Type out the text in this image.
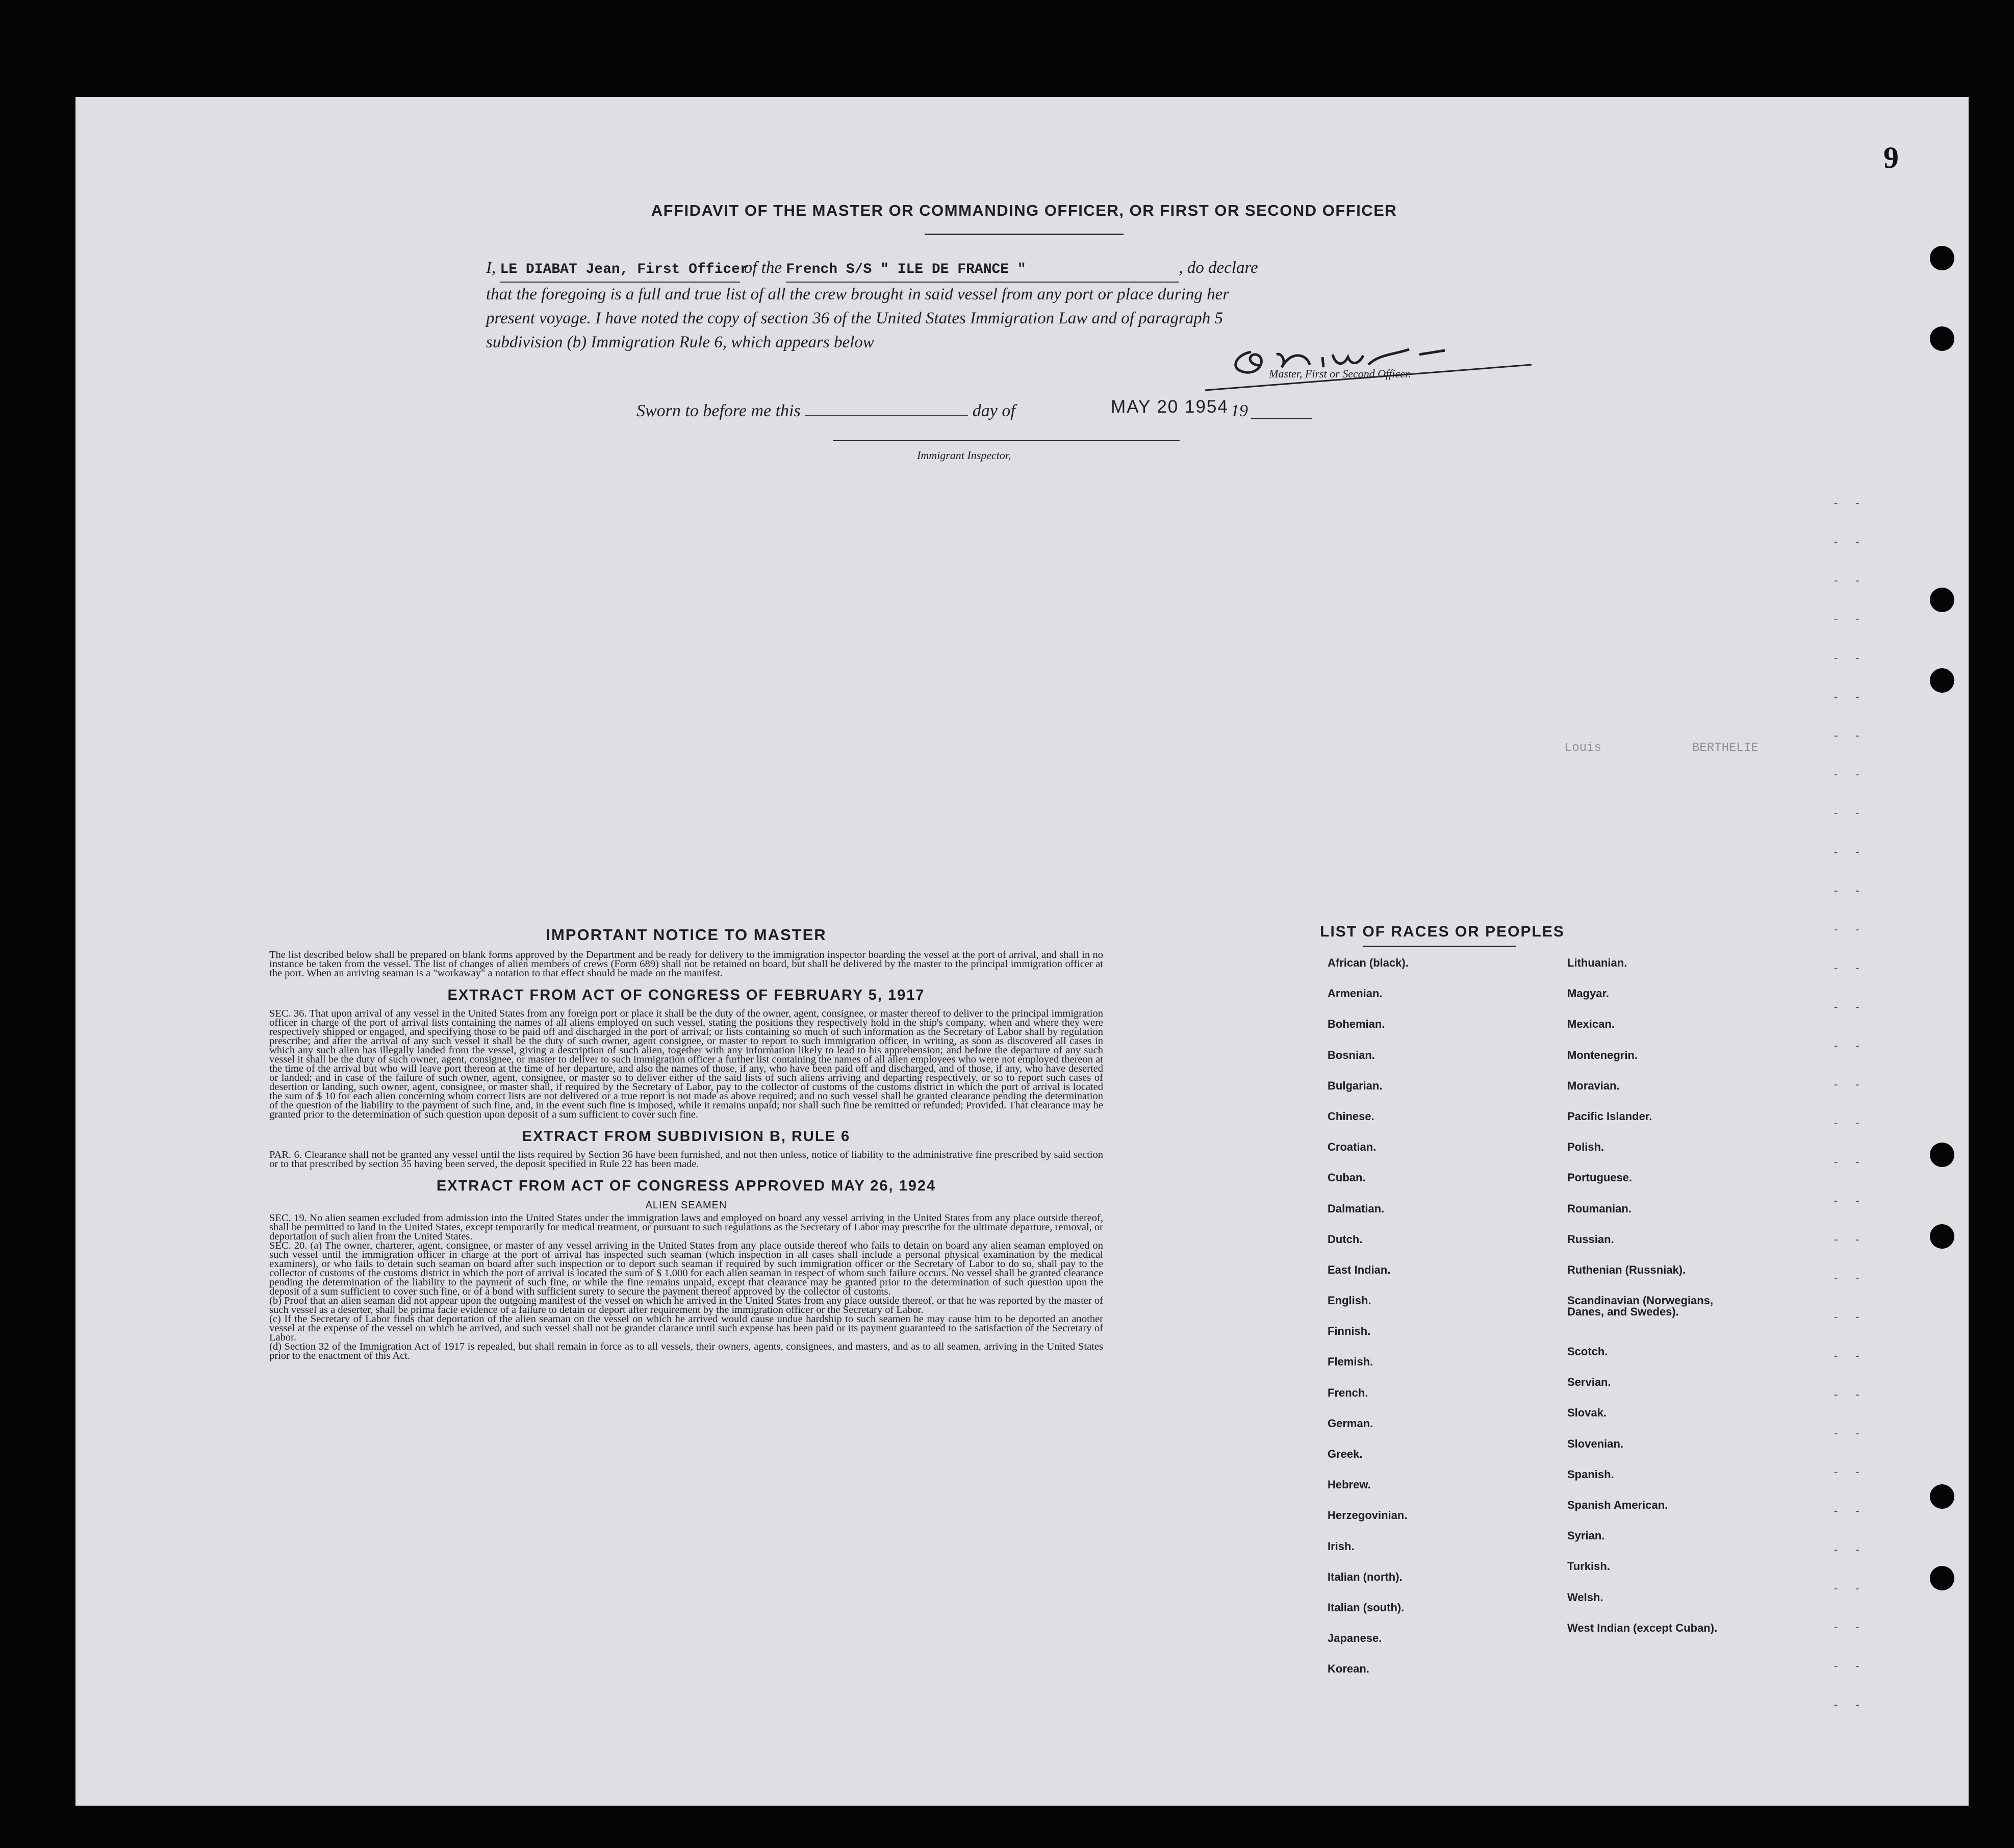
BERTHELIE
Louis
AFFIDAVIT OF THE MASTER OR COMMANDING OFFICER, OR FIRST OR SECOND OFFICER
I, LE DIABAT Jean, First Officer of the French S/S " ILE DE FRANCE "	, do declare
that the foregoing is a full and true list of all the crew brought in said vessel from any port or place during her
present voyage. I have noted the copy of section 36 of the United States Immigration Law and of paragraph 5
subdivision (b) Immigration Rule 6, which appears below
Master, First or Second Officer.
Sworn to before me this	day of	MAY 20 1954 19
Immigrant Inspector,
IMPORTANT NOTICE TO MASTER

The list described below shall be prepared on blank forms approved by the Department and be ready for delivery to the immigration inspector boarding the vessel at the port of arrival, and shall in no instance be taken from the vessel. The list of changes of alien members of crews (Form 689) shall not be retained on board, but shall be delivered by the master to the principal immigration officer at the port. When an arriving seaman is a "workaway" a notation to that effect should be made on the manifest.

EXTRACT FROM ACT OF CONGRESS OF FEBRUARY 5, 1917

SEC. 36. That upon arrival of any vessel in the United States from any foreign port or place it shall be the duty of the owner, agent, consignee, or master thereof to deliver to the principal immigration officer in charge of the port of arrival lists containing the names of all aliens employed on such vessel, stating the positions they respectively hold in the ship's company, when and where they were respectively shipped or engaged, and specifying those to be paid off and discharged in the port of arrival; or lists containing so much of such information as the Secretary of Labor shall by regulation prescribe; and after the arrival of any such vessel it shall be the duty of such owner, agent consignee, or master to report to such immigration officer, in writing, as soon as discovered all cases in which any such alien has illegally landed from the vessel, giving a description of such alien, together with any information likely to lead to his apprehension; and before the departure of any such vessel it shall be the duty of such owner, agent, consignee, or master to deliver to such immigration officer a further list containing the names of all alien employees who were not employed thereon at the time of the arrival but who will leave port thereon at the time of her departure, and also the names of those, if any, who have been paid off and discharged, and of those, if any, who have deserted or landed; and in case of the failure of such owner, agent, consignee, or master so to deliver either of the said lists of such aliens arriving and departing respectively, or so to report such cases of desertion or landing, such owner, agent, consignee, or master shall, if required by the Secretary of Labor, pay to the collector of customs of the customs district in which the port of arrival is located the sum of $ 10 for each alien concerning whom correct lists are not delivered or a true report is not made as above required; and no such vessel shall be granted clearance pending the determination of the question of the liability to the payment of such fine, and, in the event such fine is imposed, while it remains unpaid; nor shall such fine be remitted or refunded; Provided. That clearance may be granted prior to the determination of such question upon deposit of a sum sufficient to cover such fine.

EXTRACT FROM SUBDIVISION B, RULE 6

PAR. 6. Clearance shall not be granted any vessel until the lists required by Section 36 have been furnished, and not then unless, notice of liability to the administrative fine prescribed by said section or to that prescribed by section 35 having been served, the deposit specified in Rule 22 has been made.

EXTRACT FROM ACT OF CONGRESS APPROVED MAY 26, 1924
ALIEN SEAMEN

SEC. 19. No alien seamen excluded from admission into the United States under the immigration laws and employed on board any vessel arriving in the United States from any place outside thereof, shall be permitted to land in the United States, except temporarily for medical treatment, or pursuant to such regulations as the Secretary of Labor may prescribe for the ultimate departure, removal, or deportation of such alien from the United States.

SEC. 20. (a) The owner, charterer, agent, consignee, or master of any vessel arriving in the United States from any place outside thereof who fails to detain on board any alien seaman employed on such vessel until the immigration officer in charge at the port of arrival has inspected such seaman (which inspection in all cases shall include a personal physical examination by the medical examiners), or who fails to detain such seaman on board after such inspection or to deport such seaman if required by such immigration officer or the Secretary of Labor to do so, shall pay to the collector of customs of the customs district in which the port of arrival is located the sum of $ 1.000 for each alien seaman in respect of whom such failure occurs. No vessel shall be granted clearance pending the determination of the liability to the payment of such fine, or while the fine remains unpaid, except that clearance may be granted prior to the determination of such question upon the deposit of a sum sufficient to cover such fine, or of a bond with sufficient surety to secure the payment thereof approved by the collector of customs.

(b) Proof that an alien seaman did not appear upon the outgoing manifest of the vessel on which he arrived in the United States from any place outside thereof, or that he was reported by the master of such vessel as a deserter, shall be prima facie evidence of a failure to detain or deport after requirement by the immigration officer or the Secretary of Labor.

(c) If the Secretary of Labor finds that deportation of the alien seaman on the vessel on which he arrived would cause undue hardship to such seamen he may cause him to be deported an another vessel at the expense of the vessel on which he arrived, and such vessel shall not be grandet clarance until such expense has been paid or its payment guaranteed to the satisfaction of the Secretary of Labor.

(d) Section 32 of the Immigration Act of 1917 is repealed, but shall remain in force as to all vessels, their owners, agents, consignees, and masters, and as to all seamen, arriving in the United States prior to the enactment of this Act.

LIST OF RACES OR PEOPLES
African (black).
Armenian.
Bohemian.
Bosnian.
Bulgarian.
Chinese.
Croatian.
Cuban.
Dalmatian.
Dutch.
East Indian.
English.
Finnish.
Flemish.
French.
German.
Greek.
Hebrew.
Herzegovinian.
Irish.
Italian (north).
Italian (south).
Japanese.
Korean.
Lithuanian.
Magyar.
Mexican.
Montenegrin.
Moravian.
Pacific Islander.
Polish.
Portuguese.
Roumanian.
Russian.
Ruthenian (Russniak).
Scandinavian (Norwegians, Danes, and Swedes).
Scotch.
Servian.
Slovak.
Slovenian.
Spanish.
Spanish American.
Syrian.
Turkish.
Welsh.
West Indian (except Cuban).
- -
- -
- -
- -
- -
- -
- -
- -
- -
- -
- -
- -
- -
- -
- -
- -
- -
- -
- -
- -
- -
- -
- -
- -
- -
- -
- -
- -
- -
- -
- -
- -
9
